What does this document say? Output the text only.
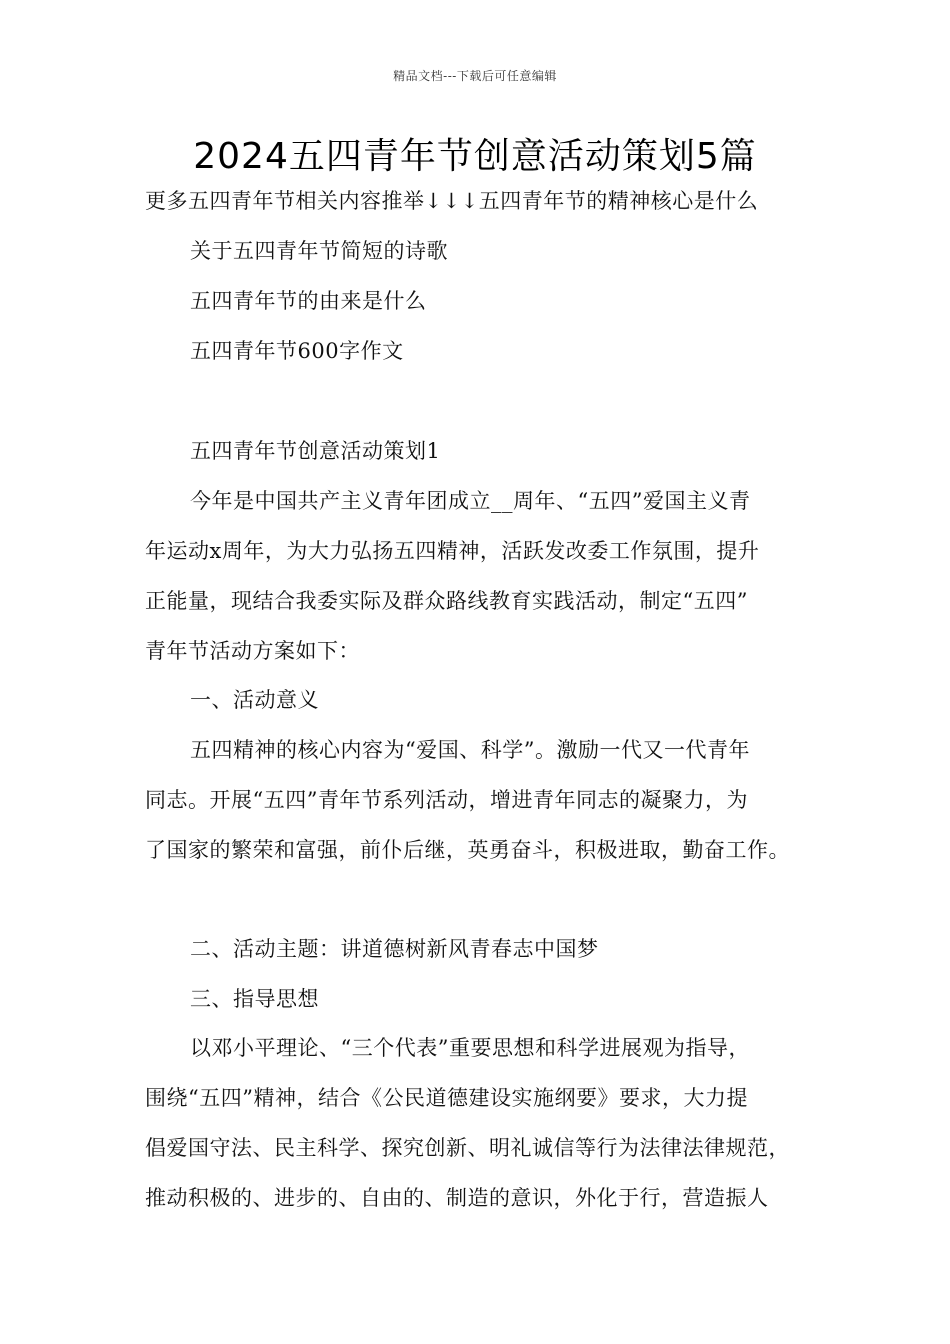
精品文档---下载后可任意编辑
2024五四青年节创意活动策划5篇
更多五四青年节相关内容推举↓↓↓五四青年节的精神核心是什么
关于五四青年节简短的诗歌
五四青年节的由来是什么
五四青年节600字作文
五四青年节创意活动策划1
今年是中国共产主义青年团成立__周年、“五四”爱国主义青
年运动x周年，为大力弘扬五四精神，活跃发改委工作氛围，提升
正能量，现结合我委实际及群众路线教育实践活动，制定“五四”
青年节活动方案如下：
一、活动意义
五四精神的核心内容为“爱国、科学”。激励一代又一代青年
同志。开展“五四”青年节系列活动，增进青年同志的凝聚力，为
了国家的繁荣和富强，前仆后继，英勇奋斗，积极进取，勤奋工作。
二、活动主题：讲道德树新风青春志中国梦
三、指导思想
以邓小平理论、“三个代表”重要思想和科学进展观为指导，
围绕“五四”精神，结合《公民道德建设实施纲要》要求，大力提
倡爱国守法、民主科学、探究创新、明礼诚信等行为法律法律规范，
推动积极的、进步的、自由的、制造的意识，外化于行，营造振人
